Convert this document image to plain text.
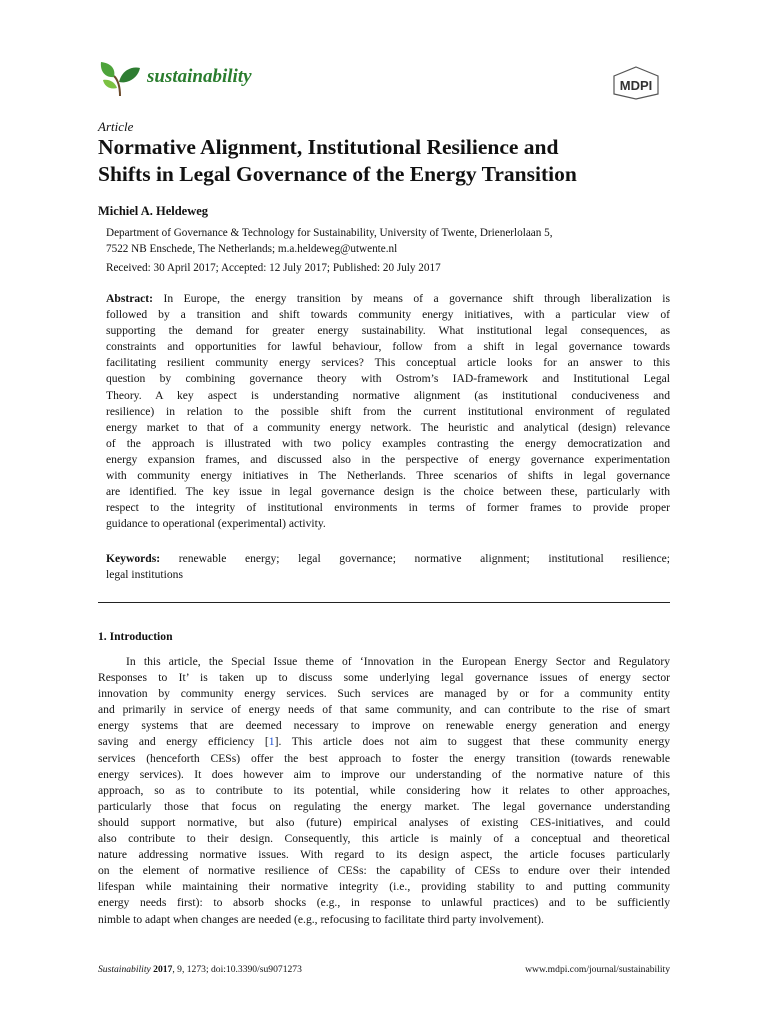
sustainability	MDPI
Article
Normative Alignment, Institutional Resilience and
Shifts in Legal Governance of the Energy Transition
Michiel A. Heldeweg
Department of Governance & Technology for Sustainability, University of Twente, Drienerlolaan 5,
7522 NB Enschede, The Netherlands; m.a.heldeweg@utwente.nl
Received: 30 April 2017; Accepted: 12 July 2017; Published: 20 July 2017
Abstract: In Europe, the energy transition by means of a governance shift through liberalization is
followed by a transition and shift towards community energy initiatives, with a particular view of
supporting the demand for greater energy sustainability. What institutional legal consequences, as
constraints and opportunities for lawful behaviour, follow from a shift in legal governance towards
facilitating resilient community energy services? This conceptual article looks for an answer to this
question by combining governance theory with Ostrom’s IAD-framework and Institutional Legal
Theory. A key aspect is understanding normative alignment (as institutional conduciveness and
resilience) in relation to the possible shift from the current institutional environment of regulated
energy market to that of a community energy network. The heuristic and analytical (design) relevance
of the approach is illustrated with two policy examples contrasting the energy democratization and
energy expansion frames, and discussed also in the perspective of energy governance experimentation
with community energy initiatives in The Netherlands. Three scenarios of shifts in legal governance
are identified. The key issue in legal governance design is the choice between these, particularly with
respect to the integrity of institutional environments in terms of former frames to provide proper
guidance to operational (experimental) activity.
Keywords: renewable energy; legal governance; normative alignment; institutional resilience;
legal institutions
1. Introduction
In this article, the Special Issue theme of ‘Innovation in the European Energy Sector and Regulatory
Responses to It’ is taken up to discuss some underlying legal governance issues of energy sector
innovation by community energy services. Such services are managed by or for a community entity
and primarily in service of energy needs of that same community, and can contribute to the rise of smart
energy systems that are deemed necessary to improve on renewable energy generation and energy
saving and energy efficiency [1]. This article does not aim to suggest that these community energy
services (henceforth CESs) offer the best approach to foster the energy transition (towards renewable
energy services). It does however aim to improve our understanding of the normative nature of this
approach, so as to contribute to its potential, while considering how it relates to other approaches,
particularly those that focus on regulating the energy market. The legal governance understanding
should support normative, but also (future) empirical analyses of existing CES-initiatives, and could
also contribute to their design. Consequently, this article is mainly of a conceptual and theoretical
nature addressing normative issues. With regard to its design aspect, the article focuses particularly
on the element of normative resilience of CESs: the capability of CESs to endure over their intended
lifespan while maintaining their normative integrity (i.e., providing stability to and putting community
energy needs first): to absorb shocks (e.g., in response to unlawful practices) and to be sufficiently
nimble to adapt when changes are needed (e.g., refocusing to facilitate third party involvement).
Sustainability 2017, 9, 1273; doi:10.3390/su9071273	www.mdpi.com/journal/sustainability
